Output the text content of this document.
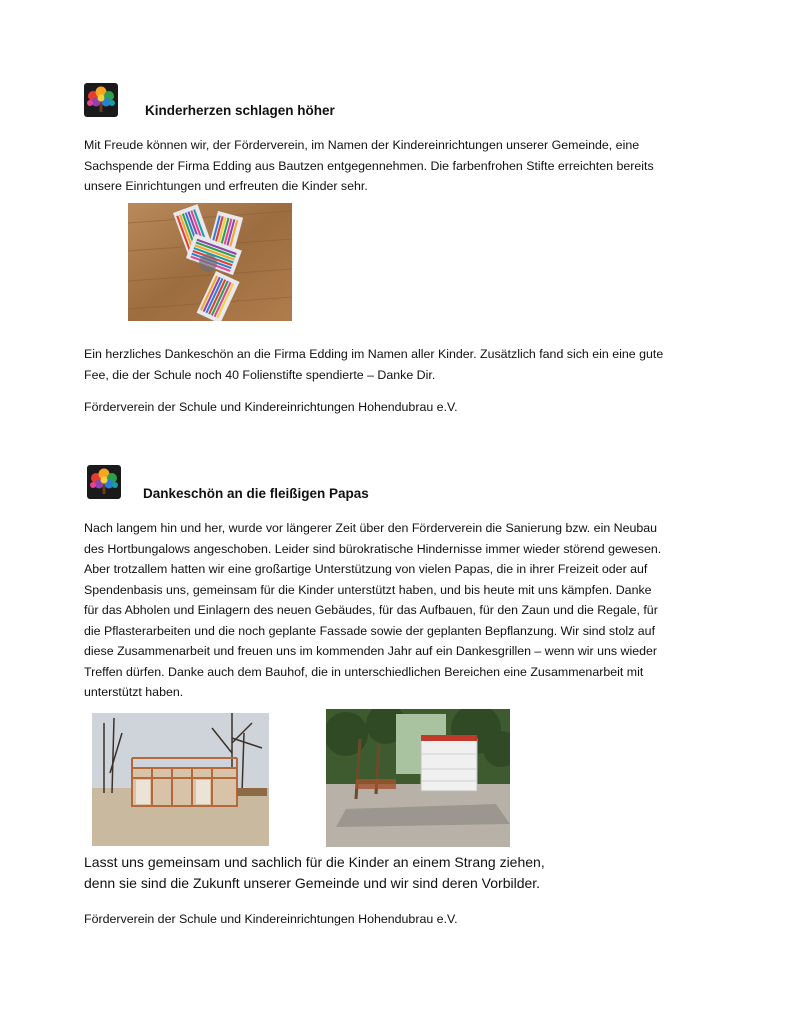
Kinderherzen schlagen höher
Mit Freude können wir, der Förderverein, im Namen der Kindereinrichtungen unserer Gemeinde, eine
Sachspende der Firma Edding aus Bautzen entgegennehmen. Die farbenfrohen Stifte erreichten bereits
unsere Einrichtungen und erfreuten die Kinder sehr.
Ein herzliches Dankeschön an die Firma Edding im Namen aller Kinder. Zusätzlich fand sich ein eine gute
Fee, die der Schule noch 40 Folienstifte spendierte – Danke Dir.
Förderverein der Schule und Kindereinrichtungen Hohendubrau e.V.
Dankeschön an die fleißigen Papas
Nach langem hin und her, wurde vor längerer Zeit über den Förderverein die Sanierung bzw. ein Neubau
des Hortbungalows angeschoben. Leider sind bürokratische Hindernisse immer wieder störend gewesen.
Aber trotzallem hatten wir eine großartige Unterstützung von vielen Papas, die in ihrer Freizeit oder auf
Spendenbasis uns, gemeinsam für die Kinder unterstützt haben, und bis heute mit uns kämpfen. Danke
für das Abholen und Einlagern des neuen Gebäudes, für das Aufbauen, für den Zaun und die Regale, für
die Pflasterarbeiten und die noch geplante Fassade sowie der geplanten Bepflanzung. Wir sind stolz auf
diese Zusammenarbeit und freuen uns im kommenden Jahr auf ein Dankesgrillen – wenn wir uns wieder
Treffen dürfen. Danke auch dem Bauhof, die in unterschiedlichen Bereichen eine Zusammenarbeit mit
unterstützt haben.
Lasst uns gemeinsam und sachlich für die Kinder an einem Strang ziehen,
denn sie sind die Zukunft unserer Gemeinde und wir sind deren Vorbilder.
Förderverein der Schule und Kindereinrichtungen Hohendubrau e.V.
